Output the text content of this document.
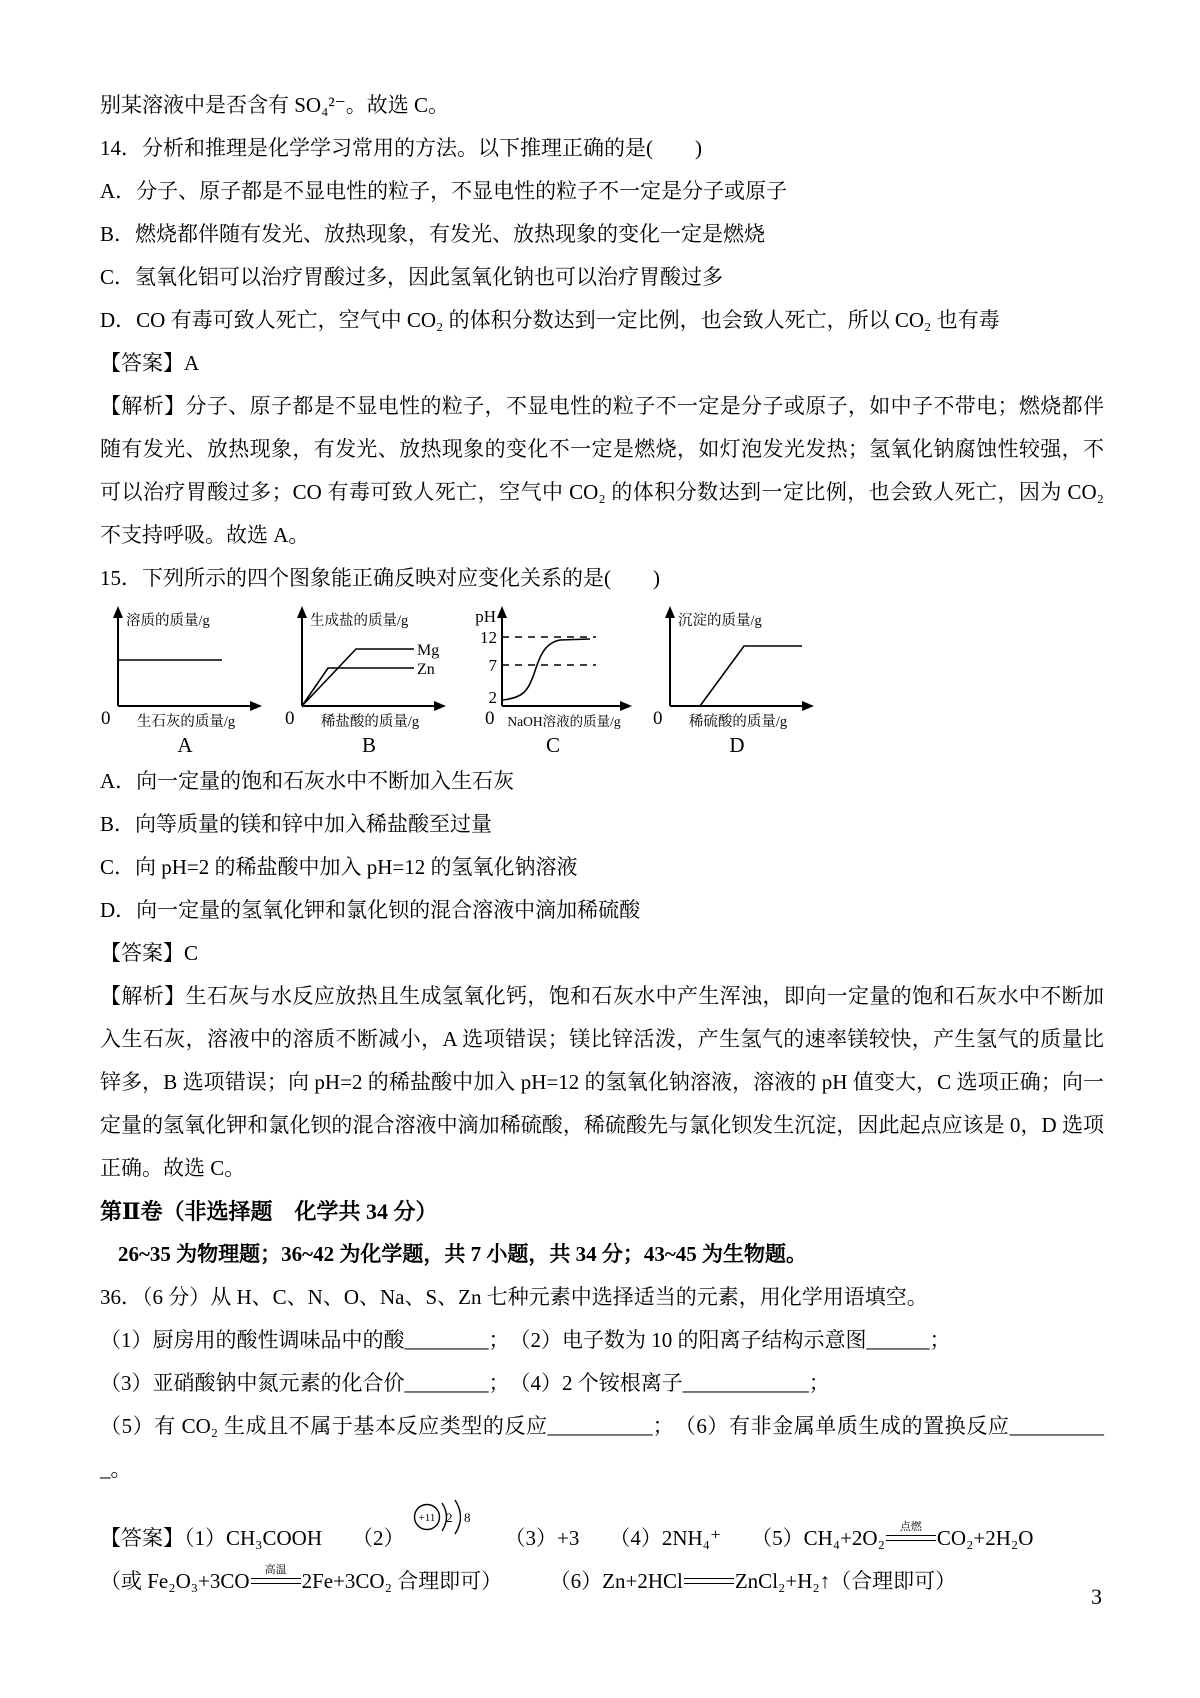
别某溶液中是否含有 SO₄²⁻。故选 C。

14．分析和推理是化学学习常用的方法。以下推理正确的是(　　)

A．分子、原子都是不显电性的粒子，不显电性的粒子不一定是分子或原子

B．燃烧都伴随有发光、放热现象，有发光、放热现象的变化一定是燃烧

C．氢氧化铝可以治疗胃酸过多，因此氢氧化钠也可以治疗胃酸过多

D．CO 有毒可致人死亡，空气中 CO₂ 的体积分数达到一定比例，也会致人死亡，所以 CO₂ 也有毒

【答案】A

【解析】分子、原子都是不显电性的粒子，不显电性的粒子不一定是分子或原子，如中子不带电；燃烧都伴随有发光、放热现象，有发光、放热现象的变化不一定是燃烧，如灯泡发光发热；氢氧化钠腐蚀性较强，不可以治疗胃酸过多；CO 有毒可致人死亡，空气中 CO₂ 的体积分数达到一定比例，也会致人死亡，因为 CO₂ 不支持呼吸。故选 A。

15．下列所示的四个图象能正确反映对应变化关系的是(　　)

溶质的质量/g
0 生石灰的质量/g
A
生成盐的质量/g
Mg
Zn
0 稀盐酸的质量/g
B
pH
12
7
2
0 NaOH溶液的质量/g
C
沉淀的质量/g
0 稀硫酸的质量/g
D

A．向一定量的饱和石灰水中不断加入生石灰

B．向等质量的镁和锌中加入稀盐酸至过量

C．向 pH=2 的稀盐酸中加入 pH=12 的氢氧化钠溶液

D．向一定量的氢氧化钾和氯化钡的混合溶液中滴加稀硫酸

【答案】C

【解析】生石灰与水反应放热且生成氢氧化钙，饱和石灰水中产生浑浊，即向一定量的饱和石灰水中不断加入生石灰，溶液中的溶质不断减小，A 选项错误；镁比锌活泼，产生氢气的速率镁较快，产生氢气的质量比锌多，B 选项错误；向 pH=2 的稀盐酸中加入 pH=12 的氢氧化钠溶液，溶液的 pH 值变大，C 选项正确；向一定量的氢氧化钾和氯化钡的混合溶液中滴加稀硫酸，稀硫酸先与氯化钡发生沉淀，因此起点应该是 0，D 选项正确。故选 C。

第Ⅱ卷（非选择题　化学共 34 分）

26~35 为物理题；36~42 为化学题，共 7 小题，共 34 分；43~45 为生物题。

36．（6 分）从 H、C、N、O、Na、S、Zn 七种元素中选择适当的元素，用化学用语填空。

（1）厨房用的酸性调味品中的酸________；　（2）电子数为 10 的阳离子结构示意图______；

（3）亚硝酸钠中氮元素的化合价________；　（4）2 个铵根离子____________；

（5）有 CO₂ 生成且不属于基本反应类型的反应__________；　（6）有非金属单质生成的置换反应__________。

【答案】（1）CH₃COOH （2）
+11 2 8
（3）+3 （4）2NH₄⁺ （5）CH₄+2O₂	点燃 CO₂+2H₂O

（或 Fe₂O₃+3CO	高温 2Fe+3CO₂ 合理即可）	（6）Zn+2HCl ZnCl₂+H₂↑（合理即可）

3
